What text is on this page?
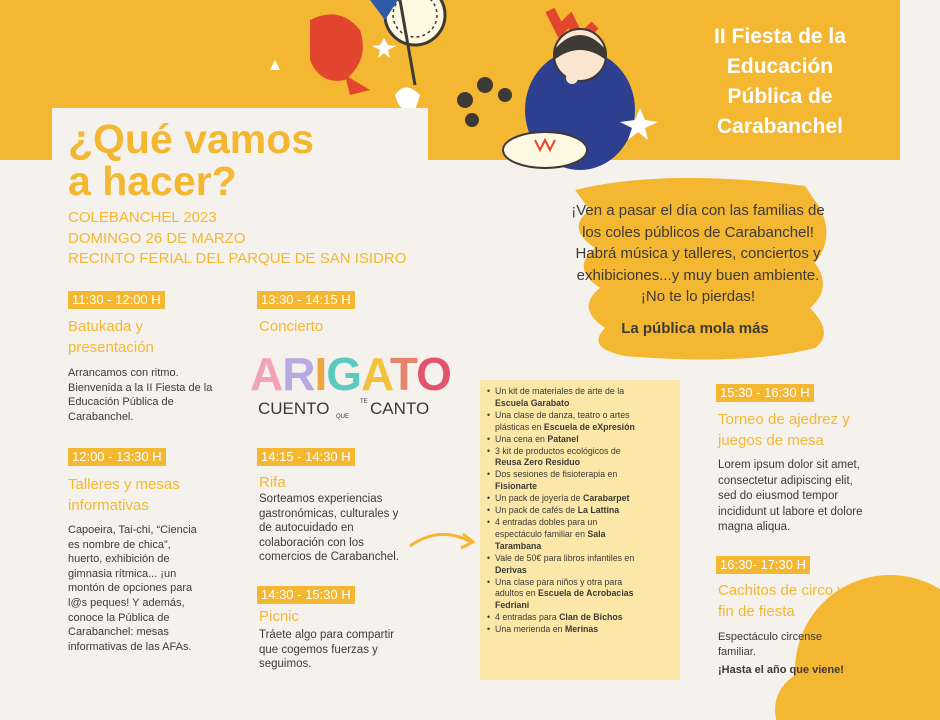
II Fiesta de la
Educación
Pública de
Carabanchel
¿Qué vamos
a hacer?
COLEBANCHEL 2023
DOMINGO 26 DE MARZO
RECINTO FERIAL DEL PARQUE DE SAN ISIDRO
11:30 - 12:00 H
Batukada y
presentación
Arrancamos con ritmo.
Bienvenida a la II Fiesta de la
Educación Pública de
Carabanchel.
12:00 - 13:30 H
Talleres y mesas
informativas
Capoeira, Tai-chi, “Ciencia
es nombre de chica”,
huerto, exhibición de
gimnasia rítmica... ¡un
montón de opciones para
l@s peques! Y además,
conoce la Pública de
Carabanchel: mesas
informativas de las AFAs.
13:30 - 14:15 H
Concierto
ARIGATO
CUENTO QUE
TE CANTO
14:15 - 14:30 H
Rifa
Sorteamos experiencias
gastronómicas, culturales y
de autocuidado en
colaboración con los
comercios de Carabanchel.
14:30 - 15:30 H
Picnic
Tráete algo para compartir
que cogemos fuerzas y
seguimos.
¡Ven a pasar el día con las familias de
los coles públicos de Carabanchel!
Habrá música y talleres, conciertos y
exhibiciones...y muy buen ambiente.
¡No te lo pierdas!
La pública mola más
• Un kit de materiales de arte de la
Escuela Garabato
• Una clase de danza, teatro o artes
plásticas en Escuela de eXpresión
• Una cena en Patanel
• 3 kit de productos ecológicos de
Reusa Zero Residuo
• Dos sesiones de fisioterapia en
Fisionarte
• Un pack de joyería de Carabarpet
• Un pack de cafés de La Lattina
• 4 entradas dobles para un
espectáculo familiar en Sala
Tarambana
• Vale de 50€ para libros infantiles en
Derivas
• Una clase para niños y otra para
adultos en Escuela de Acrobacias
Fedriani
• 4 entradas para Clan de Bichos
• Una merienda en Merinas
15:30 - 16:30 H
Torneo de ajedrez y
juegos de mesa
Lorem ipsum dolor sit amet,
consectetur adipiscing elit,
sed do eiusmod tempor
incididunt ut labore et dolore
magna aliqua.
16:30- 17:30 H
Cachitos de circo y
fin de fiesta
Espectáculo circense
familiar.
¡Hasta el año que viene!
